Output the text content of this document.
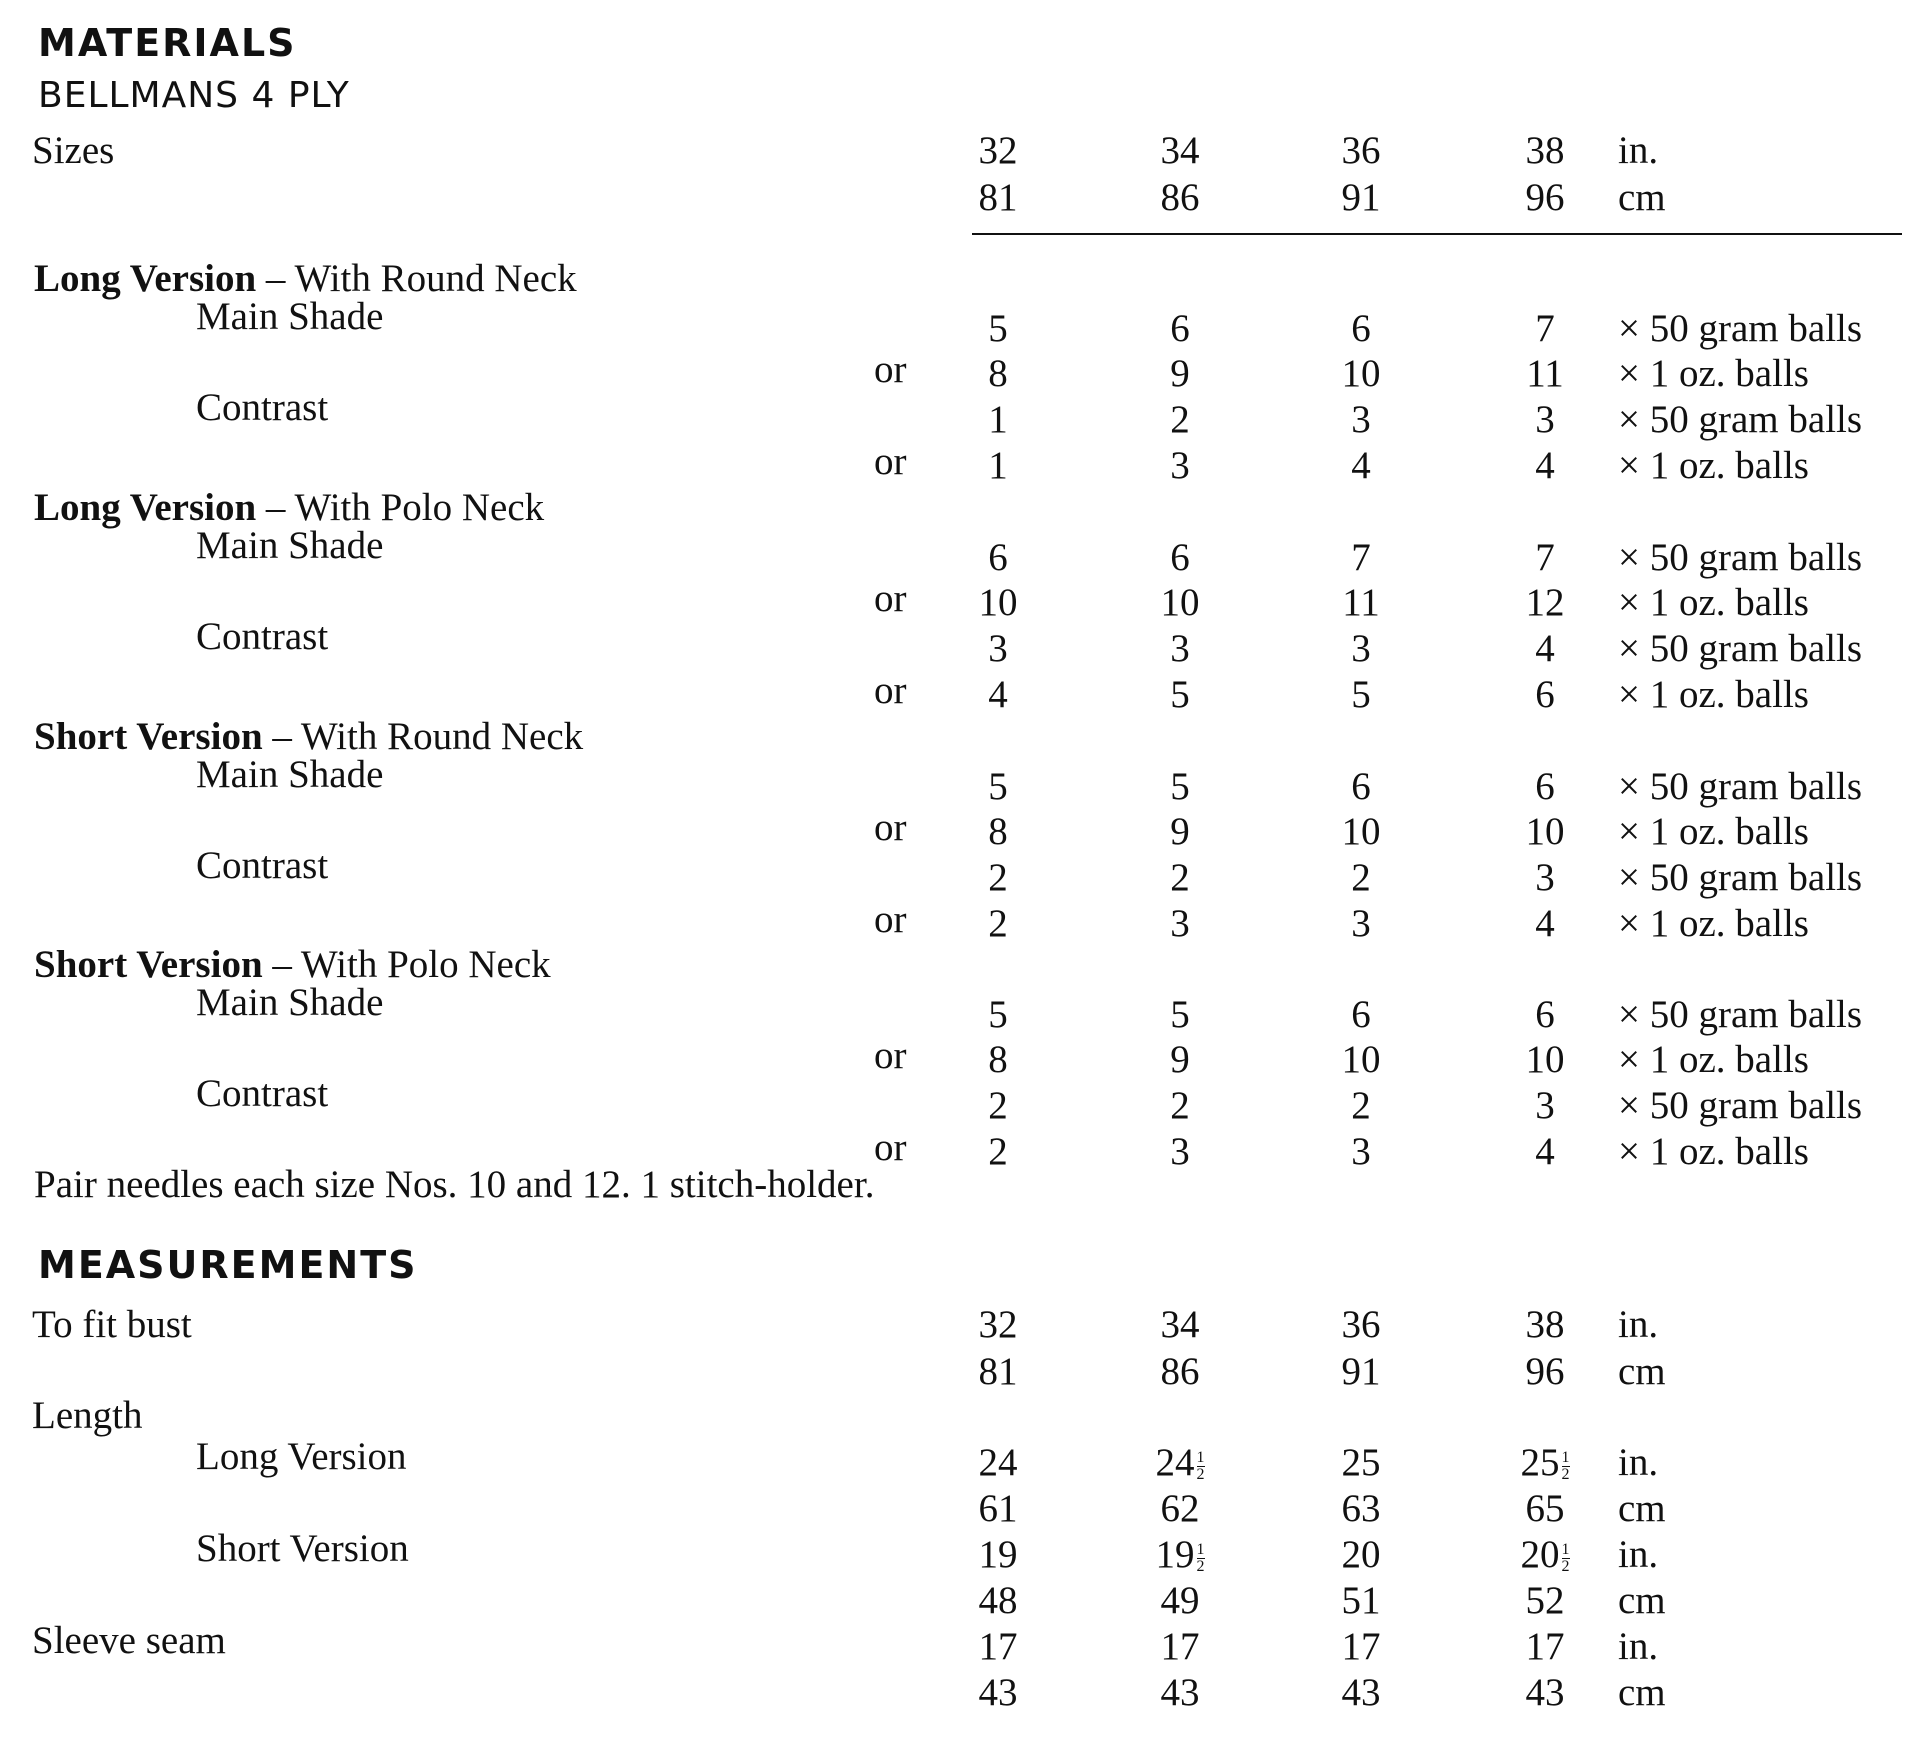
MATERIALS
BELLMANS 4 PLY
Sizes	32	34	36	38	in.
81	86	91	96	cm
Long Version – With Round Neck
Main Shade	5	6	6	7	× 50 gram balls
or	8	9	10	11	× 1 oz. balls
Contrast	1	2	3	3	× 50 gram balls
or	1	3	4	4	× 1 oz. balls
Long Version – With Polo Neck
Main Shade	6	6	7	7	× 50 gram balls
or	10	10	11	12	× 1 oz. balls
Contrast	3	3	3	4	× 50 gram balls
or	4	5	5	6	× 1 oz. balls
Short Version – With Round Neck
Main Shade	5	5	6	6	× 50 gram balls
or	8	9	10	10	× 1 oz. balls
Contrast	2	2	2	3	× 50 gram balls
or	2	3	3	4	× 1 oz. balls
Short Version – With Polo Neck
Main Shade	5	5	6	6	× 50 gram balls
or	8	9	10	10	× 1 oz. balls
Contrast	2	2	2	3	× 50 gram balls
or	2	3	3	4	× 1 oz. balls
Pair needles each size Nos. 10 and 12. 1 stitch-holder.
MEASUREMENTS
To fit bust	32	34	36	38	in.
81	86	91	96	cm
Length
Long Version	24	$24 \frac{1}{2}$	25	$25 \frac{1}{2}$ in.
61	62	63	65	cm
Short Version	19	$19 \frac{1}{2}$	20	$20 \frac{1}{2}$ in.
48	49	51	52	cm
Sleeve seam	17	17	17	17	in.
43	43	43	43	cm
